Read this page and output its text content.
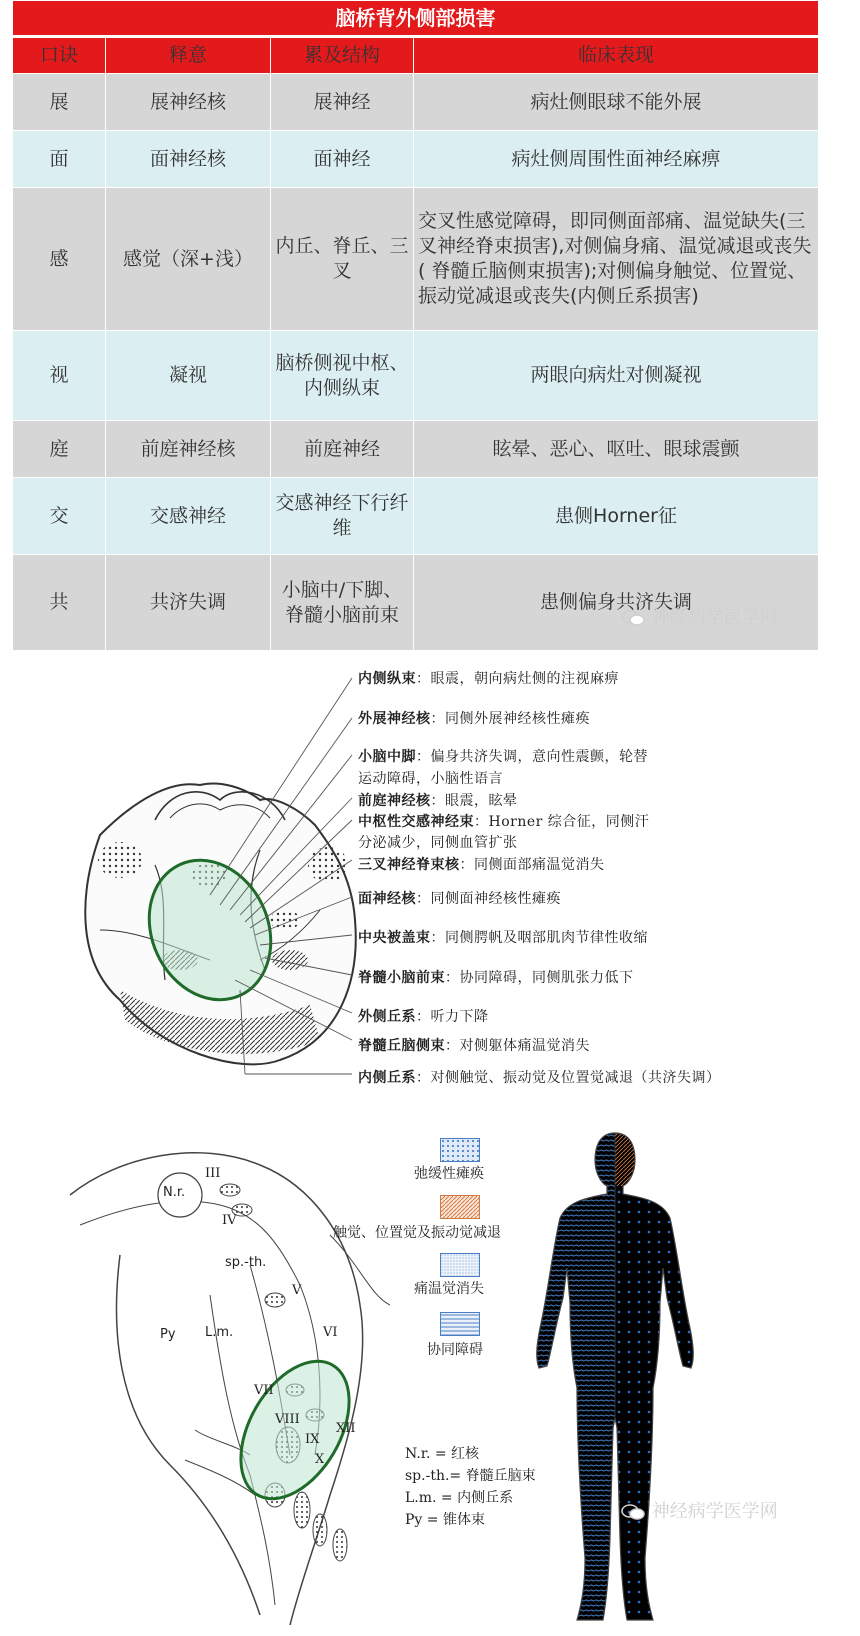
脑桥背外侧部损害			
口诀	释意	累及结构	临床表现
展	展神经核	展神经	病灶侧眼球不能外展
面	面神经核	面神经	病灶侧周围性面神经麻痹
感	感觉（深+浅）	内丘、脊丘、三叉	交叉性感觉障碍，即同侧面部痛、温觉缺失(三叉神经脊束损害),对侧偏身痛、温觉减退或丧失( 脊髓丘脑侧束损害);对侧偏身触觉、位置觉、振动觉减退或丧失(内侧丘系损害)
视	凝视	脑桥侧视中枢、内侧纵束	两眼向病灶对侧凝视
庭	前庭神经核	前庭神经	眩晕、恶心、呕吐、眼球震颤
交	交感神经	交感神经下行纤维	患侧Horner征
共	共济失调	小脑中/下脚、脊髓小脑前束	患侧偏身共济失调
神经病学医学网
内侧纵束：眼震，朝向病灶侧的注视麻痹
外展神经核：同侧外展神经核性瘫痪
小脑中脚：偏身共济失调，意向性震颤，轮替
运动障碍，小脑性语言
前庭神经核：眼震，眩晕
中枢性交感神经束：Horner 综合征，同侧汗
分泌减少，同侧血管扩张
三叉神经脊束核：同侧面部痛温觉消失
面神经核：同侧面神经核性瘫痪
中央被盖束：同侧腭帆及咽部肌肉节律性收缩
脊髓小脑前束：协同障碍，同侧肌张力低下
外侧丘系：听力下降
脊髓丘脑侧束：对侧躯体痛温觉消失
内侧丘系：对侧触觉、振动觉及位置觉减退（共济失调）
N.r.
III
IV
sp.-th.
V
VI
L.m.
Py
VII
VIII
IX
X
XII
弛缓性瘫痪
触觉、位置觉及振动觉减退
痛温觉消失
协同障碍
N.r. = 红核
sp.-th.= 脊髓丘脑束
L.m. = 内侧丘系
Py = 锥体束	神经病学医学网
